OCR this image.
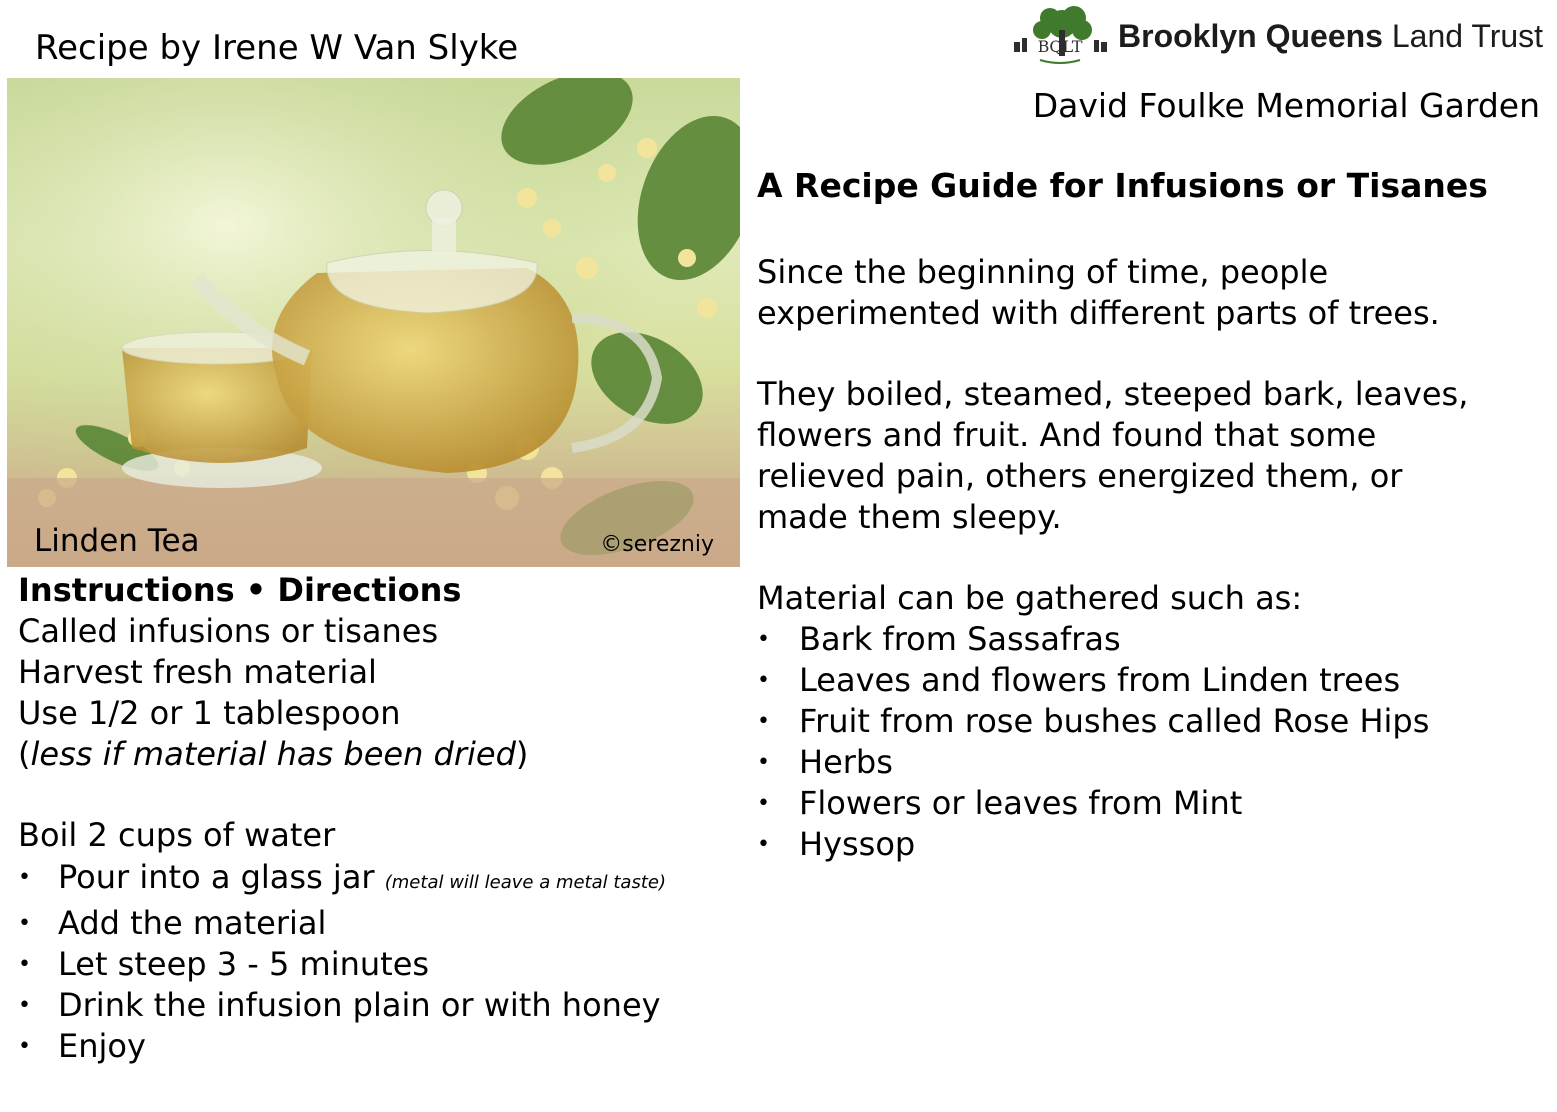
Recipe by Irene W Van Slyke
Linden Tea	©serezniy
BQLT Brooklyn Queens Land Trust
David Foulke Memorial Garden
A Recipe Guide for Infusions or Tisanes
Since the beginning of time, people
experimented with different parts of trees.
They boiled, steamed, steeped bark, leaves,
flowers and fruit. And found that some
relieved pain, others energized them, or
made them sleepy.
Material can be gathered such as:
• Bark from Sassafras
• Leaves and flowers from Linden trees
• Fruit from rose bushes called Rose Hips
• Herbs
• Flowers or leaves from Mint
• Hyssop
Instructions • Directions
Called infusions or tisanes
Harvest fresh material
Use 1/2 or 1 tablespoon
(less if material has been dried)
Boil 2 cups of water
• Pour into a glass jar (metal will leave a metal taste)
• Add the material
• Let steep 3 - 5 minutes
• Drink the infusion plain or with honey
• Enjoy
